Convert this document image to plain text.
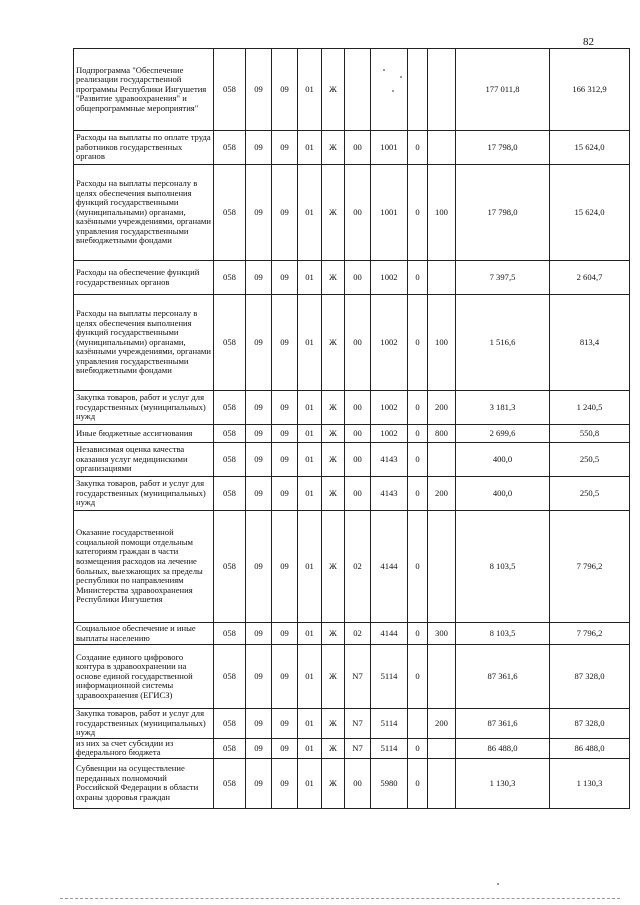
82
Подпрограмма "Обеспечение реализации государственной программы Республики Ингушетия "Развитие здравоохранения" и общепрограммные мероприятия"	058	09	09	01	Ж					177 011,8	166 312,9
Расходы на выплаты по оплате труда работников государственных органов	058	09	09	01	Ж	00	1001	0		17 798,0	15 624,0
Расходы на выплаты персоналу в целях обеспечения выполнения функций государственными (муниципальными) органами, казёнными учреждениями, органами управления государственными внебюджетными фондами	058	09	09	01	Ж	00	1001	0	100	17 798,0	15 624,0
Расходы на обеспечение функций государственных органов	058	09	09	01	Ж	00	1002	0		7 397,5	2 604,7
Расходы на выплаты персоналу в целях обеспечения выполнения функций государственными (муниципальными) органами, казёнными учреждениями, органами управления государственными внебюджетными фондами	058	09	09	01	Ж	00	1002	0	100	1 516,6	813,4
Закупка товаров, работ и услуг для государственных (муниципальных) нужд	058	09	09	01	Ж	00	1002	0	200	3 181,3	1 240,5
Иные бюджетные ассигнования	058	09	09	01	Ж	00	1002	0	800	2 699,6	550,8
Независимая оценка качества оказания услуг медицинскими организациями	058	09	09	01	Ж	00	4143	0		400,0	250,5
Закупка товаров, работ и услуг для государственных (муниципальных) нужд	058	09	09	01	Ж	00	4143	0	200	400,0	250,5
Оказание государственной социальной помощи отдельным категориям граждан в части возмещения расходов на лечение больных, выезжающих за пределы республики по направлениям Министерства здравоохранения Республики Ингушетия	058	09	09	01	Ж	02	4144	0		8 103,5	7 796,2
Социальное обеспечение и иные выплаты населению	058	09	09	01	Ж	02	4144	0	300	8 103,5	7 796,2
Создание единого цифрового контура в здравоохранении на основе единой государственной информационной системы здравоохранения (ЕГИСЗ)	058	09	09	01	Ж	N7	5114	0		87 361,6	87 328,0
Закупка товаров, работ и услуг для государственных (муниципальных) нужд	058	09	09	01	Ж	N7	5114		200	87 361,6	87 328,0
из них за счет субсидии из федерального бюджета	058	09	09	01	Ж	N7	5114	0		86 488,0	86 488,0
Субвенции на осуществление переданных полномочий Российской Федерации в области охраны здоровья граждан	058	09	09	01	Ж	00	5980	0		1 130,3	1 130,3
